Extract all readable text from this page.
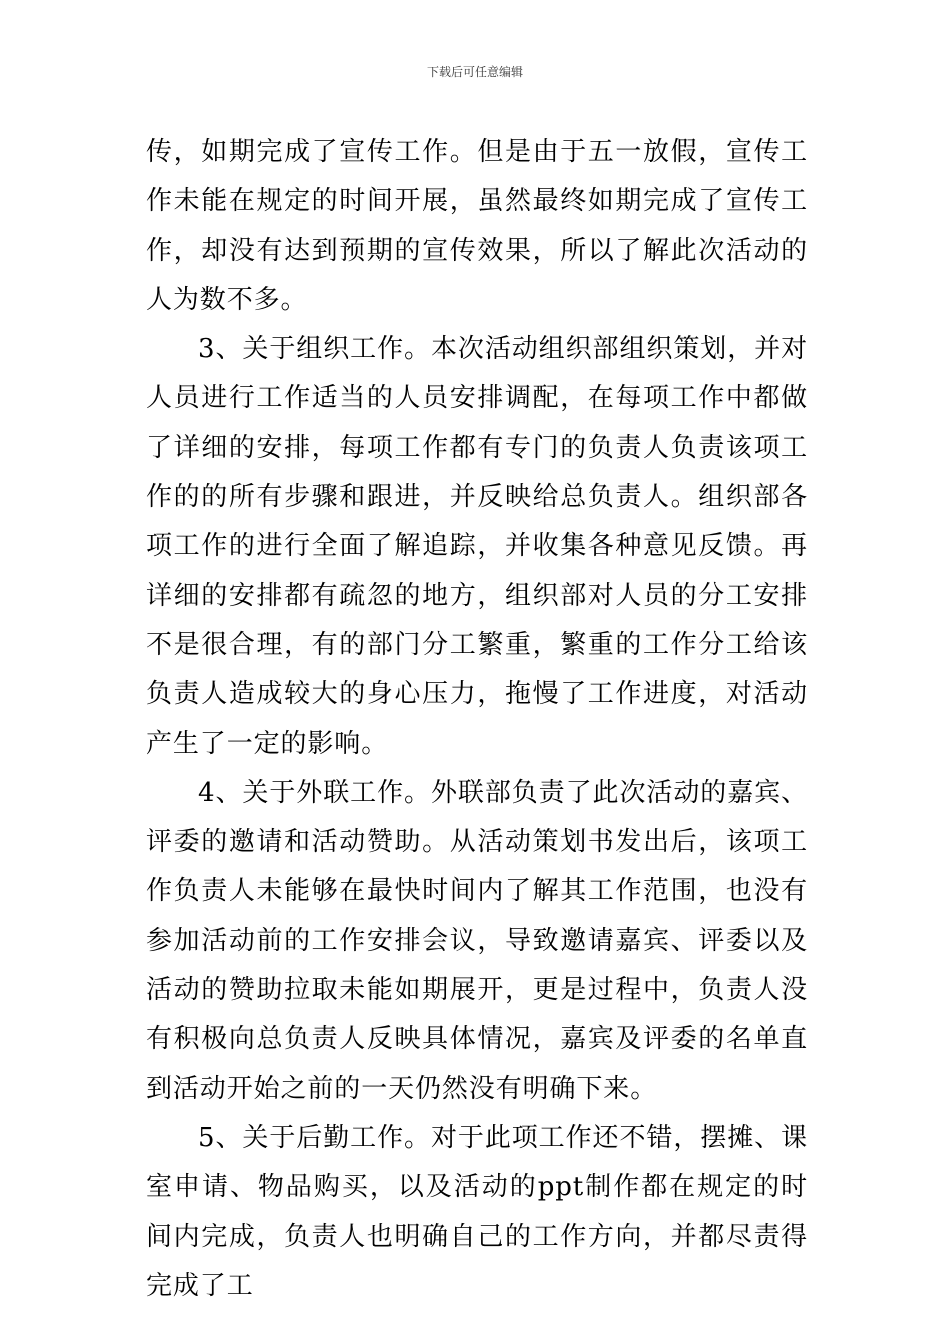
下载后可任意编辑

传，如期完成了宣传工作。但是由于五一放假，宣传工作未能在规定的时间开展，虽然最终如期完成了宣传工作，却没有达到预期的宣传效果，所以了解此次活动的人为数不多。

3、关于组织工作。本次活动组织部组织策划，并对人员进行工作适当的人员安排调配，在每项工作中都做了详细的安排，每项工作都有专门的负责人负责该项工作的的所有步骤和跟进，并反映给总负责人。组织部各项工作的进行全面了解追踪，并收集各种意见反馈。再详细的安排都有疏忽的地方，组织部对人员的分工安排不是很合理，有的部门分工繁重，繁重的工作分工给该负责人造成较大的身心压力，拖慢了工作进度，对活动产生了一定的影响。

4、关于外联工作。外联部负责了此次活动的嘉宾、评委的邀请和活动赞助。从活动策划书发出后，该项工作负责人未能够在最快时间内了解其工作范围，也没有参加活动前的工作安排会议，导致邀请嘉宾、评委以及活动的赞助拉取未能如期展开，更是过程中，负责人没有积极向总负责人反映具体情况，嘉宾及评委的名单直到活动开始之前的一天仍然没有明确下来。

5、关于后勤工作。对于此项工作还不错，摆摊、课室申请、物品购买，以及活动的ppt制作都在规定的时间内完成，负责人也明确自己的工作方向，并都尽责得完成了工
